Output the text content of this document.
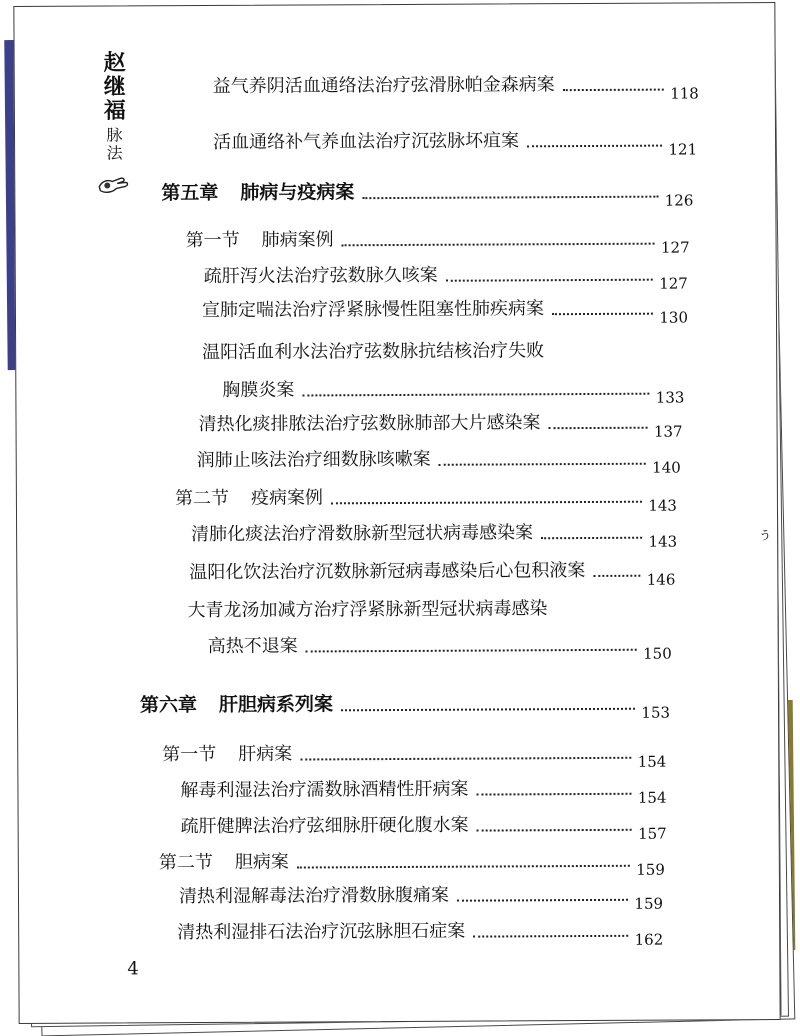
赵继福
脉法
ぅ
益气养阴活血通络法治疗弦滑脉帕金森病案	118
活血通络补气养血法治疗沉弦脉坏疽案	121
第五章 肺病与疫病案	126
第一节 肺病案例	127
疏肝泻火法治疗弦数脉久咳案	127
宣肺定喘法治疗浮紧脉慢性阻塞性肺疾病案	130
温阳活血利水法治疗弦数脉抗结核治疗失败
胸膜炎案	133
清热化痰排脓法治疗弦数脉肺部大片感染案	137
润肺止咳法治疗细数脉咳嗽案	140
第二节 疫病案例	143
清肺化痰法治疗滑数脉新型冠状病毒感染案	143
温阳化饮法治疗沉数脉新冠病毒感染后心包积液案	146
大青龙汤加减方治疗浮紧脉新型冠状病毒感染
高热不退案	150
第六章 肝胆病系列案	153
第一节 肝病案	154
解毒利湿法治疗濡数脉酒精性肝病案	154
疏肝健脾法治疗弦细脉肝硬化腹水案	157
第二节 胆病案	159
清热利湿解毒法治疗滑数脉腹痛案	159
清热利湿排石法治疗沉弦脉胆石症案	162
4
